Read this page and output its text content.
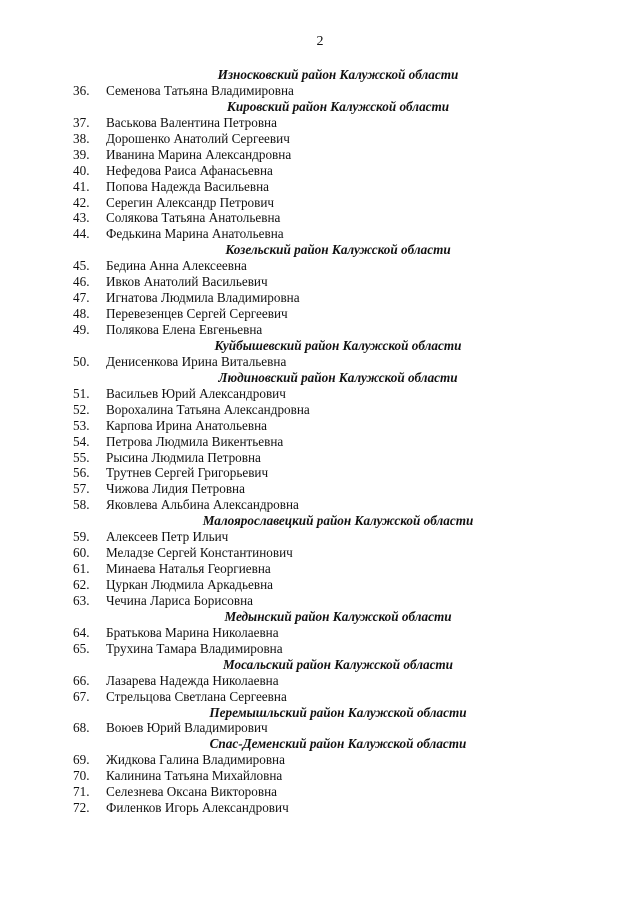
2
Износковский район Калужской области
36.	Семенова Татьяна Владимировна
Кировский район Калужской области
37.	Васькова Валентина Петровна
38.	Дорошенко Анатолий Сергеевич
39.	Иванина Марина Александровна
40.	Нефедова Раиса Афанасьевна
41.	Попова Надежда Васильевна
42.	Серегин Александр Петрович
43.	Солякова Татьяна Анатольевна
44.	Федькина Марина Анатольевна
Козельский район Калужской области
45.	Бедина Анна Алексеевна
46.	Ивков Анатолий Васильевич
47.	Игнатова Людмила Владимировна
48.	Перевезенцев Сергей Сергеевич
49.	Полякова Елена Евгеньевна
Куйбышевский район Калужской области
50.	Денисенкова Ирина Витальевна
Людиновский район Калужской области
51.	Васильев Юрий Александрович
52.	Ворохалина Татьяна Александровна
53.	Карпова Ирина Анатольевна
54.	Петрова Людмила Викентьевна
55.	Рысина Людмила Петровна
56.	Трутнев Сергей Григорьевич
57.	Чижова Лидия Петровна
58.	Яковлева Альбина Александровна
Малоярославецкий район Калужской области
59.	Алексеев Петр Ильич
60.	Меладзе Сергей Константинович
61.	Минаева Наталья Георгиевна
62.	Цуркан Людмила Аркадьевна
63.	Чечина Лариса Борисовна
Медынский район Калужской области
64.	Братькова Марина Николаевна
65.	Трухина Тамара Владимировна
Мосальский район Калужской области
66.	Лазарева Надежда Николаевна
67.	Стрельцова Светлана Сергеевна
Перемышльский район Калужской области
68.	Воюев Юрий Владимирович
Спас-Деменский район Калужской области
69.	Жидкова Галина Владимировна
70.	Калинина Татьяна Михайловна
71.	Селезнева Оксана Викторовна
72.	Филенков Игорь Александрович
